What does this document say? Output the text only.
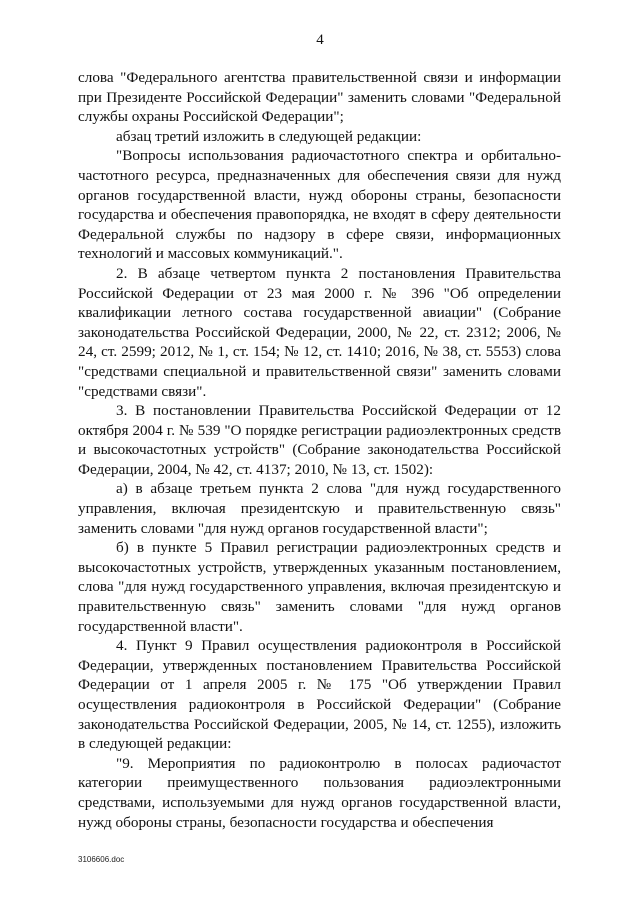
4

слова "Федерального агентства правительственной связи и информации при Президенте Российской Федерации" заменить словами "Федеральной службы охраны Российской Федерации";

абзац третий изложить в следующей редакции:

"Вопросы использования радиочастотного спектра и орбитально-частотного ресурса, предназначенных для обеспечения связи для нужд органов государственной власти, нужд обороны страны, безопасности государства и обеспечения правопорядка, не входят в сферу деятельности Федеральной службы по надзору в сфере связи, информационных технологий и массовых коммуникаций.".

2. В абзаце четвертом пункта 2 постановления Правительства Российской Федерации от 23 мая 2000 г. № 396 "Об определении квалификации летного состава государственной авиации" (Собрание законодательства Российской Федерации, 2000, № 22, ст. 2312; 2006, № 24, ст. 2599; 2012, № 1, ст. 154; № 12, ст. 1410; 2016, № 38, ст. 5553) слова "средствами специальной и правительственной связи" заменить словами "средствами связи".

3. В постановлении Правительства Российской Федерации от 12 октября 2004 г. № 539 "О порядке регистрации радиоэлектронных средств и высокочастотных устройств" (Собрание законодательства Российской Федерации, 2004, № 42, ст. 4137; 2010, № 13, ст. 1502):

а) в абзаце третьем пункта 2 слова "для нужд государственного управления, включая президентскую и правительственную связь" заменить словами "для нужд органов государственной власти";

б) в пункте 5 Правил регистрации радиоэлектронных средств и высокочастотных устройств, утвержденных указанным постановлением, слова "для нужд государственного управления, включая президентскую и правительственную связь" заменить словами "для нужд органов государственной власти".

4. Пункт 9 Правил осуществления радиоконтроля в Российской Федерации, утвержденных постановлением Правительства Российской Федерации от 1 апреля 2005 г. № 175 "Об утверждении Правил осуществления радиоконтроля в Российской Федерации" (Собрание законодательства Российской Федерации, 2005, № 14, ст. 1255), изложить в следующей редакции:

"9. Мероприятия по радиоконтролю в полосах радиочастот категории преимущественного пользования радиоэлектронными средствами, используемыми для нужд органов государственной власти, нужд обороны страны, безопасности государства и обеспечения

3106606.doc
